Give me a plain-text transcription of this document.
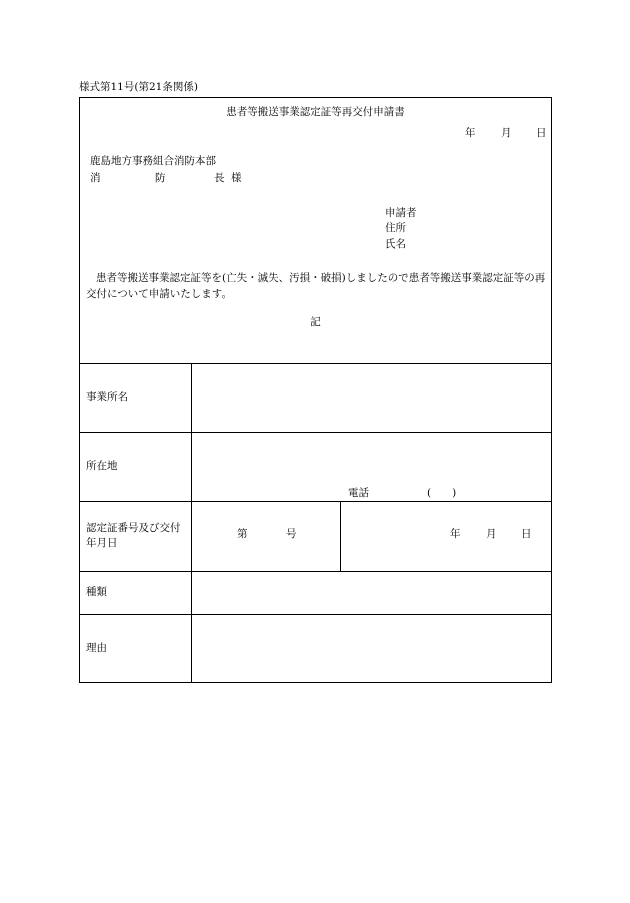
様式第11号(第21条関係)
患者等搬送事業認定証等再交付申請書
年 月 日
鹿島地方事務組合消防本部
消	防	長 様
申請者
住所
氏名
患者等搬送事業認定証等を(亡失・滅失、汚損・破損)しましたので患者等搬送事業認定証等の再交付について申請いたします。
記
事業所名
所在地
電話	(　　)
認定証番号及び交付年月日
第	号	年 月 日
種類
理由
